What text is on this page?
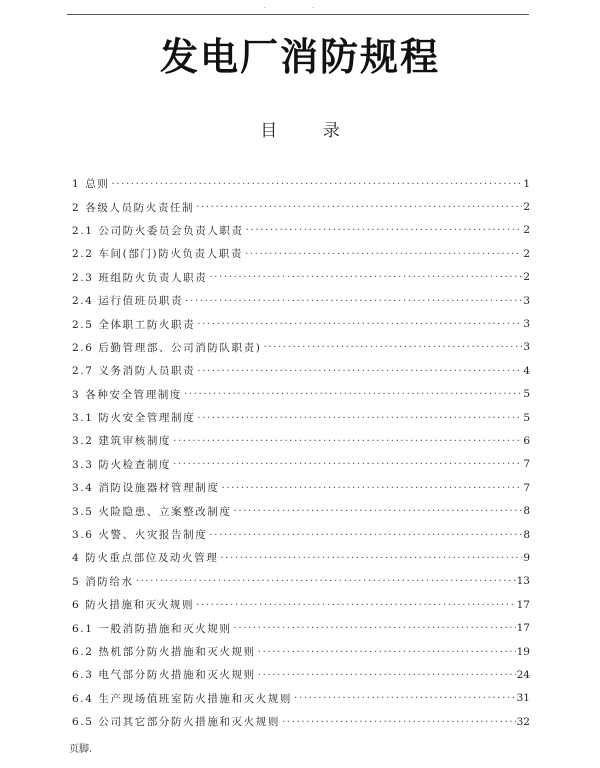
· ·
发电厂消防规程
目 录
1 总则 ·····	1
2 各级人员防火责任制 ·····	2
2.1 公司防火委员会负责人职责 ·····	2
2.2 车间(部门)防火负责人职责 ·····	2
2.3 班组防火负责人职责 ·····	2
2.4 运行值班员职责 ·····	3
2.5 全体职工防火职责 ·····	3
2.6 后勤管理部、公司消防队职责) ·····	3
2.7 义务消防人员职责 ·····	4
3 各种安全管理制度 ·····	5
3.1 防火安全管理制度 ·····	5
3.2 建筑审核制度 ·····	6
3.3 防火检查制度 ·····	7
3.4 消防设施器材管理制度 ·····	7
3.5 火险隐患、立案整改制度 ·····	8
3.6 火警、火灾报告制度 ·····	8
4 防火重点部位及动火管理 ·····	9
5 消防给水 ·····	13
6 防火措施和灭火规则 ·····	17
6.1 一般消防措施和灭火规则 ·····	17
6.2 热机部分防火措施和灭火规则 ·····	19
6.3 电气部分防火措施和灭火规则 ·····	24
6.4 生产现场值班室防火措施和灭火规则 ·····	31
6.5 公司其它部分防火措施和灭火规则 ·····	32
页脚.
